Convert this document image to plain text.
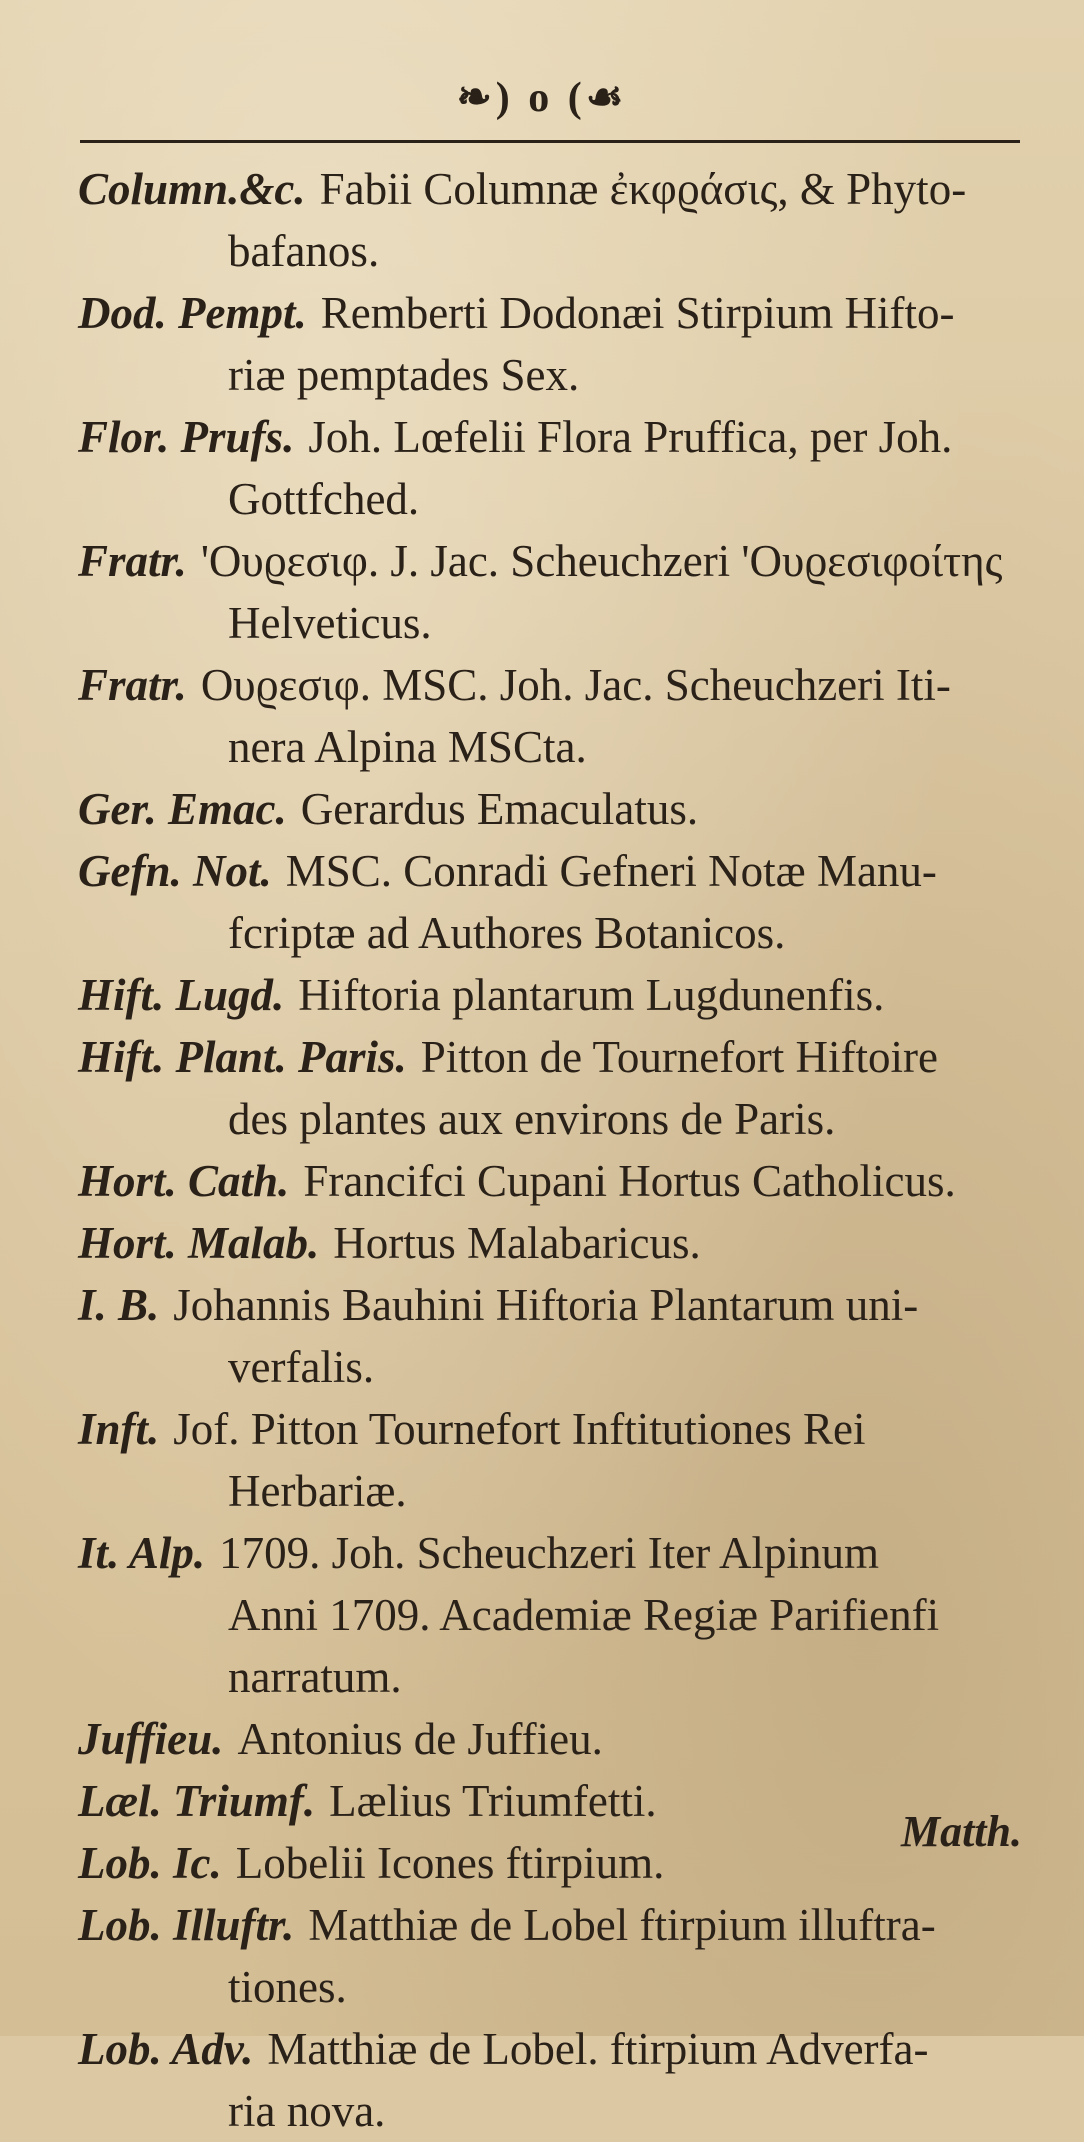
❧) o (☙
Column.&c. Fabii Columnæ ἐκφϱάσις, & Phyto-
bafanos.
Dod. Pempt. Remberti Dodonæi Stirpium Hifto-
riæ pemptades Sex.
Flor. Prufs. Joh. Lœfelii Flora Pruffica, per Joh.
Gottfched.
Fratr. 'Ουϱεσιφ. J. Jac. Scheuchzeri 'Ουϱεσιφοίτης
Helveticus.
Fratr. Ουϱεσιφ. MSC. Joh. Jac. Scheuchzeri Iti-
nera Alpina MSCta.
Ger. Emac. Gerardus Emaculatus.
Gefn. Not. MSC. Conradi Gefneri Notæ Manu-
fcriptæ ad Authores Botanicos.
Hift. Lugd. Hiftoria plantarum Lugdunenfis.
Hift. Plant. Paris. Pitton de Tournefort Hiftoire
des plantes aux environs de Paris.
Hort. Cath. Francifci Cupani Hortus Catholicus.
Hort. Malab. Hortus Malabaricus.
I. B. Johannis Bauhini Hiftoria Plantarum uni-
verfalis.
Inft. Jof. Pitton Tournefort Inftitutiones Rei
Herbariæ.
It. Alp. 1709. Joh. Scheuchzeri Iter Alpinum
Anni 1709. Academiæ Regiæ Parifienfi narratum.
Juffieu. Antonius de Juffieu.
Læl. Triumf. Lælius Triumfetti.
Lob. Ic. Lobelii Icones ftirpium.
Lob. Illuftr. Matthiæ de Lobel ftirpium illuftra-
tiones.
Lob. Adv. Matthiæ de Lobel. ftirpium Adverfa-
ria nova.
Matth.
